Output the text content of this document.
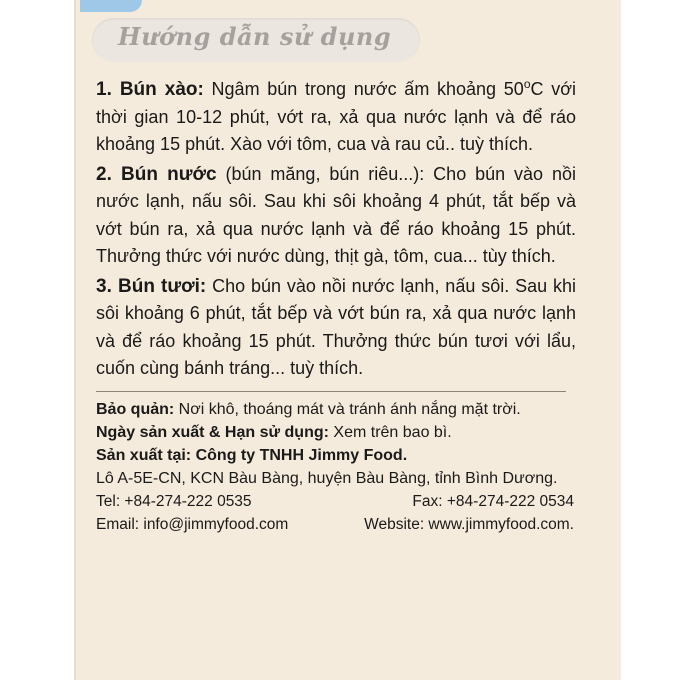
Hướng dẫn sử dụng

1. Bún xào: Ngâm bún trong nước ấm khoảng 50$^o$C với thời gian 10-12 phút, vớt ra, xả qua nước lạnh và để ráo khoảng 15 phút. Xào với tôm, cua và rau củ.. tuỳ thích.

2. Bún nước (bún măng, bún riêu...): Cho bún vào nồi nước lạnh, nấu sôi. Sau khi sôi khoảng 4 phút, tắt bếp và vớt bún ra, xả qua nước lạnh và để ráo khoảng 15 phút. Thưởng thức với nước dùng, thịt gà, tôm, cua... tùy thích.

3. Bún tươi: Cho bún vào nồi nước lạnh, nấu sôi. Sau khi sôi khoảng 6 phút, tắt bếp và vớt bún ra, xả qua nước lạnh và để ráo khoảng 15 phút. Thưởng thức bún tươi với lẩu, cuốn cùng bánh tráng... tuỳ thích.

Bảo quản: Nơi khô, thoáng mát và tránh ánh nắng mặt trời.

Ngày sản xuất & Hạn sử dụng: Xem trên bao bì.

Sản xuất tại: Công ty TNHH Jimmy Food.

Lô A-5E-CN, KCN Bàu Bàng, huyện Bàu Bàng, tỉnh Bình Dương.

Tel: +84-274-222 0535	Fax: +84-274-222 0534
Email: info@jimmyfood.com	Website: www.jimmyfood.com.
